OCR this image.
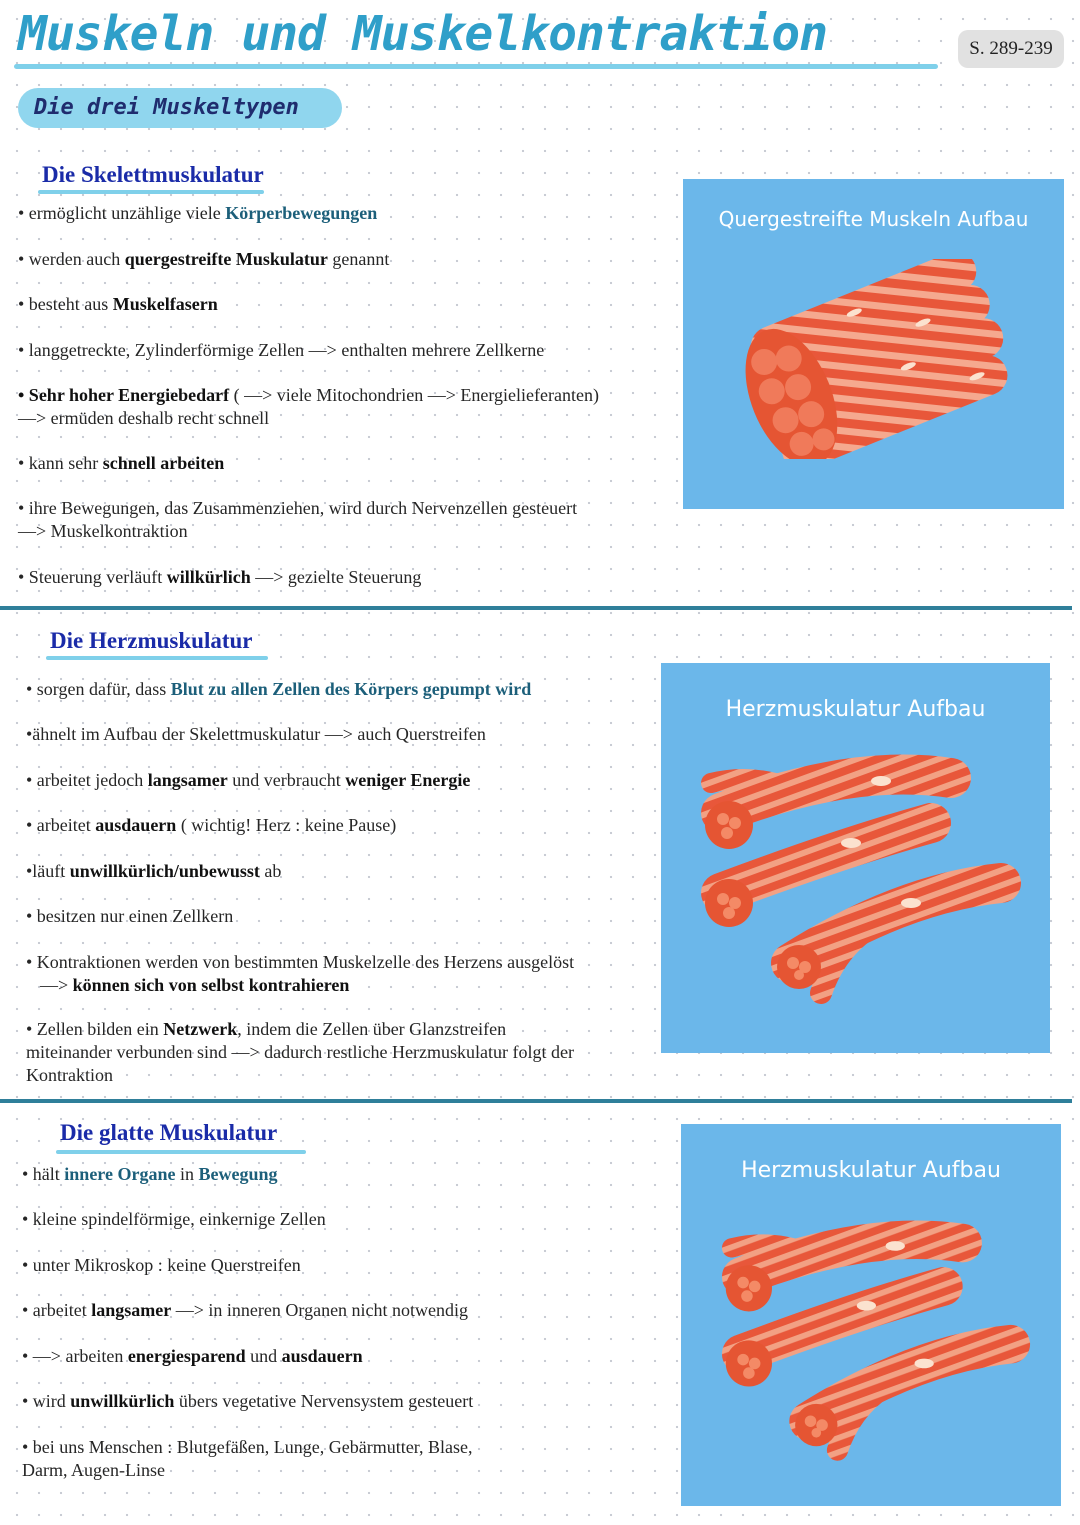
Muskeln und Muskelkontraktion	S. 289-239
Die drei Muskeltypen
Die Skelettmuskulatur
• ermöglicht unzählige viele Körperbewegungen
• werden auch quergestreifte Muskulatur genannt
• besteht aus Muskelfasern
• langgetreckte, Zylinderförmige Zellen —> enthalten mehrere Zellkerne
• Sehr hoher Energiebedarf ( —> viele Mitochondrien —> Energielieferanten)
—> ermüden deshalb recht schnell
• kann sehr schnell arbeiten
• ihre Bewegungen, das Zusammenziehen, wird durch Nervenzellen gesteuert
—> Muskelkontraktion
• Steuerung verläuft willkürlich —> gezielte Steuerung
Quergestreifte Muskeln Aufbau
Die Herzmuskulatur
• sorgen dafür, dass Blut zu allen Zellen des Körpers gepumpt wird
•ähnelt im Aufbau der Skelettmuskulatur —> auch Querstreifen
• arbeitet jedoch langsamer und verbraucht weniger Energie
• arbeitet ausdauern ( wichtig! Herz : keine Pause)
•läuft unwillkürlich/unbewusst ab
• besitzen nur einen Zellkern
• Kontraktionen werden von bestimmten Muskelzelle des Herzens ausgelöst
—> können sich von selbst kontrahieren
• Zellen bilden ein Netzwerk, indem die Zellen über Glanzstreifen
miteinander verbunden sind —> dadurch restliche Herzmuskulatur folgt der
Kontraktion
Herzmuskulatur Aufbau
Die glatte Muskulatur
• hält innere Organe in Bewegung
• kleine spindelförmige, einkernige Zellen
• unter Mikroskop : keine Querstreifen
• arbeitet langsamer —> in inneren Organen nicht notwendig
• —> arbeiten energiesparend und ausdauern
• wird unwillkürlich übers vegetative Nervensystem gesteuert
• bei uns Menschen : Blutgefäßen, Lunge, Gebärmutter, Blase,
Darm, Augen-Linse
Herzmuskulatur Aufbau
